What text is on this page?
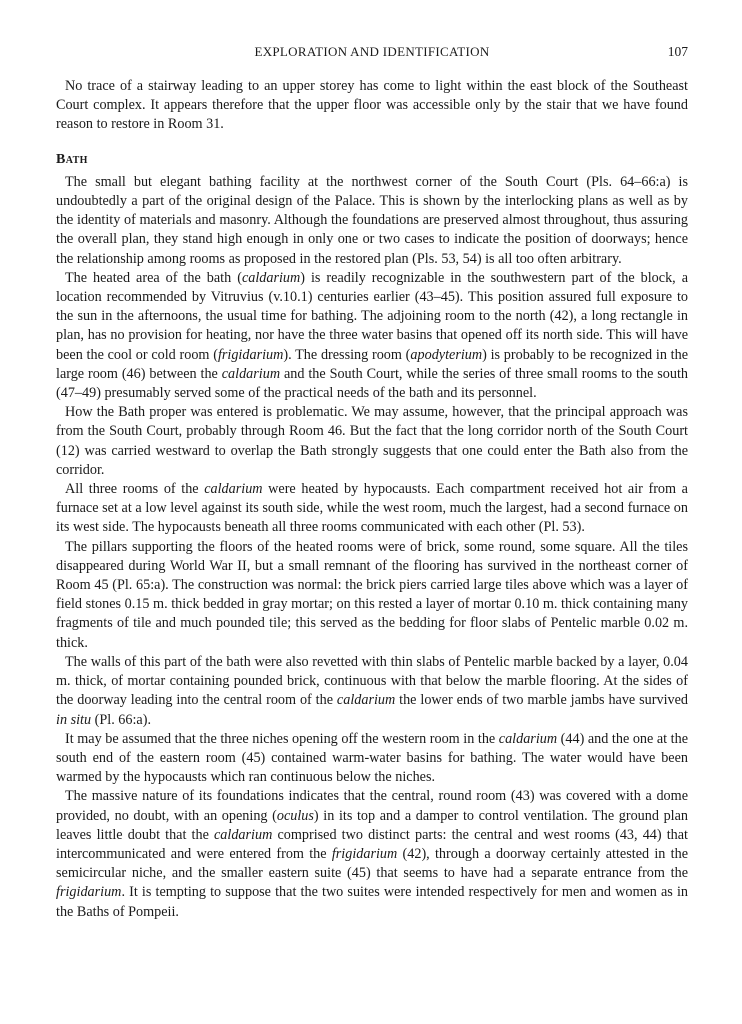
EXPLORATION AND IDENTIFICATION	107

No trace of a stairway leading to an upper storey has come to light within the east block of the Southeast Court complex. It appears therefore that the upper floor was accessible only by the stair that we have found reason to restore in Room 31.

Bath

The small but elegant bathing facility at the northwest corner of the South Court (Pls. 64–66:a) is undoubtedly a part of the original design of the Palace. This is shown by the interlocking plans as well as by the identity of materials and masonry. Although the foundations are preserved almost throughout, thus assuring the overall plan, they stand high enough in only one or two cases to indicate the position of doorways; hence the relationship among rooms as proposed in the restored plan (Pls. 53, 54) is all too often arbitrary.

The heated area of the bath (caldarium) is readily recognizable in the southwestern part of the block, a location recommended by Vitruvius (v.10.1) centuries earlier (43–45). This position assured full exposure to the sun in the afternoons, the usual time for bathing. The adjoining room to the north (42), a long rectangle in plan, has no provision for heating, nor have the three water basins that opened off its north side. This will have been the cool or cold room (frigidarium). The dressing room (apodyterium) is probably to be recognized in the large room (46) between the caldarium and the South Court, while the series of three small rooms to the south (47–49) presumably served some of the practical needs of the bath and its personnel.

How the Bath proper was entered is problematic. We may assume, however, that the principal approach was from the South Court, probably through Room 46. But the fact that the long corridor north of the South Court (12) was carried westward to overlap the Bath strongly suggests that one could enter the Bath also from the corridor.

All three rooms of the caldarium were heated by hypocausts. Each compartment received hot air from a furnace set at a low level against its south side, while the west room, much the largest, had a second furnace on its west side. The hypocausts beneath all three rooms communicated with each other (Pl. 53).

The pillars supporting the floors of the heated rooms were of brick, some round, some square. All the tiles disappeared during World War II, but a small remnant of the flooring has survived in the northeast corner of Room 45 (Pl. 65:a). The construction was normal: the brick piers carried large tiles above which was a layer of field stones 0.15 m. thick bedded in gray mortar; on this rested a layer of mortar 0.10 m. thick containing many fragments of tile and much pounded tile; this served as the bedding for floor slabs of Pentelic marble 0.02 m. thick.

The walls of this part of the bath were also revetted with thin slabs of Pentelic marble backed by a layer, 0.04 m. thick, of mortar containing pounded brick, continuous with that below the marble flooring. At the sides of the doorway leading into the central room of the caldarium the lower ends of two marble jambs have survived in situ (Pl. 66:a).

It may be assumed that the three niches opening off the western room in the caldarium (44) and the one at the south end of the eastern room (45) contained warm-water basins for bathing. The water would have been warmed by the hypocausts which ran continuous below the niches.

The massive nature of its foundations indicates that the central, round room (43) was covered with a dome provided, no doubt, with an opening (oculus) in its top and a damper to control ventilation. The ground plan leaves little doubt that the caldarium comprised two distinct parts: the central and west rooms (43, 44) that intercommunicated and were entered from the frigidarium (42), through a doorway certainly attested in the semicircular niche, and the smaller eastern suite (45) that seems to have had a separate entrance from the frigidarium. It is tempting to suppose that the two suites were intended respectively for men and women as in the Baths of Pompeii.
